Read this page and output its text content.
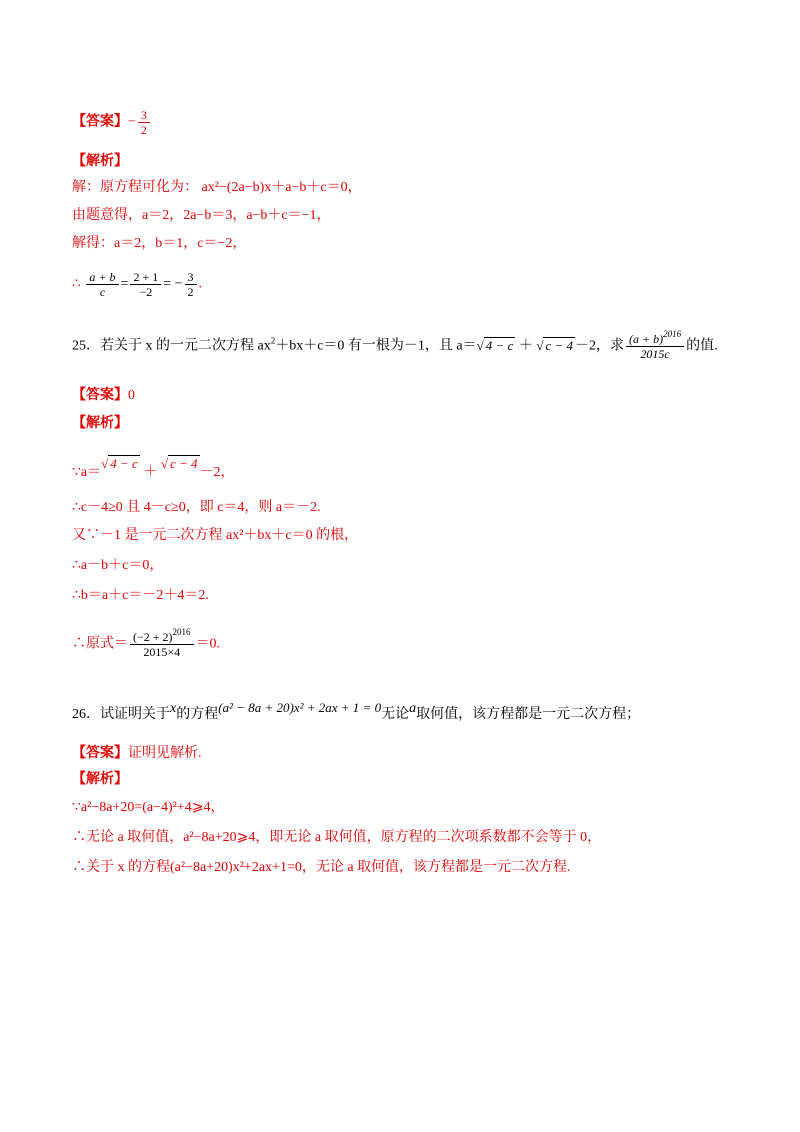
【答案】− $\frac{3}{2}$
【解析】
解：原方程可化为： ax²−(2a−b)x＋a−b＋c＝0，
由题意得，a＝2，2a−b＝3，a−b＋c＝−1，
解得：a＝2，b＝1，c＝−2，
∴ $\frac{a + b}{c} = \frac{2 + 1}{-2}$ = − $\frac{3}{2}$ .
25．若关于 x 的一元二次方程 $ax^2+bx+c=0$ 有一根为－1，且 a＝√ 4 − c ＋ √ c − 4 －2，求 $\frac{(a + b)^{2016}}{2015c}$ 的值.
【答案】0
【解析】
∵a＝√ 4 − c ＋ √ c − 4－2，
∴c－4≥0 且 4－c≥0，即 c＝4，则 a＝－2.
又∵－1 是一元二次方程 ax²＋bx＋c＝0 的根，
∴a－b＋c＝0，
∴b＝a＋c＝－2＋4＝2.
∴原式＝ $\frac{(-2 + 2)^{2016}}{2015\times 4} =0$.
26．试证明关于x的方程(a² − 8a + 20)x² + 2ax + 1 = 0无论a取何值，该方程都是一元二次方程；
【答案】证明见解析.
【解析】
∵a²−8a+20=(a−4)²+4⩾4，
∴无论 a 取何值，a²−8a+20⩾4，即无论 a 取何值，原方程的二次项系数都不会等于 0，
∴关于 x 的方程(a²−8a+20)x²+2ax+1=0，无论 a 取何值，该方程都是一元二次方程.
